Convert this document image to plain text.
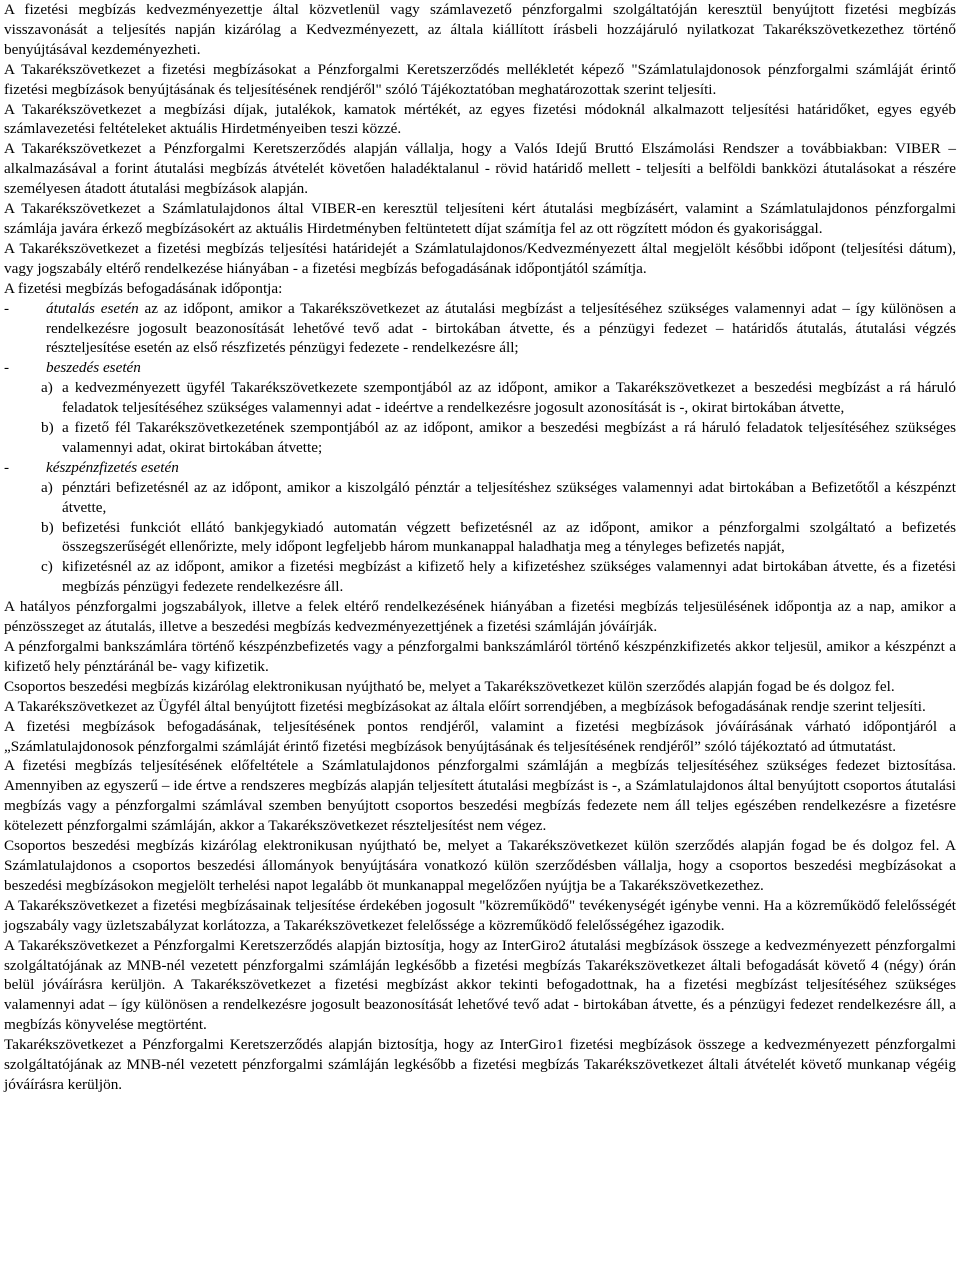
A fizetési megbízás kedvezményezettje által közvetlenül vagy számlavezető pénzforgalmi szolgáltatóján keresztül benyújtott fizetési megbízás visszavonását a teljesítés napján kizárólag a Kedvezményezett, az általa kiállított írásbeli hozzájáruló nyilatkozat Takarékszövetkezethez történő benyújtásával kezdeményezheti.

A Takarékszövetkezet a fizetési megbízásokat a Pénzforgalmi Keretszerződés mellékletét képező "Számlatulajdonosok pénzforgalmi számláját érintő fizetési megbízások benyújtásának és teljesítésének rendjéről" szóló Tájékoztatóban meghatározottak szerint teljesíti.

A Takarékszövetkezet a megbízási díjak, jutalékok, kamatok mértékét, az egyes fizetési módoknál alkalmazott teljesítési határidőket, egyes egyéb számlavezetési feltételeket aktuális Hirdetményeiben teszi közzé.

A Takarékszövetkezet a Pénzforgalmi Keretszerződés alapján vállalja, hogy a Valós Idejű Bruttó Elszámolási Rendszer a továbbiakban: VIBER – alkalmazásával a forint átutalási megbízás átvételét követően haladéktalanul - rövid határidő mellett - teljesíti a belföldi bankközi átutalásokat a részére személyesen átadott átutalási megbízások alapján.

A Takarékszövetkezet a Számlatulajdonos által VIBER-en keresztül teljesíteni kért átutalási megbízásért, valamint a Számlatulajdonos pénzforgalmi számlája javára érkező megbízásokért az aktuális Hirdetményben feltüntetett díjat számítja fel az ott rögzített módon és gyakorisággal.

A Takarékszövetkezet a fizetési megbízás teljesítési határidejét a Számlatulajdonos/Kedvezményezett által megjelölt későbbi időpont (teljesítési dátum), vagy jogszabály eltérő rendelkezése hiányában - a fizetési megbízás befogadásának időpontjától számítja.

A fizetési megbízás befogadásának időpontja:

-	átutalás esetén az az időpont, amikor a Takarékszövetkezet az átutalási megbízást a teljesítéséhez szükséges valamennyi adat – így különösen a rendelkezésre jogosult beazonosítását lehetővé tevő adat - birtokában átvette, és a pénzügyi fedezet – határidős átutalás, átutalási végzés részteljesítése esetén az első részfizetés pénzügyi fedezete - rendelkezésre áll;
-	beszedés esetén
a) a kedvezményezett ügyfél Takarékszövetkezete szempontjából az az időpont, amikor a Takarékszövetkezet a beszedési megbízást a rá háruló feladatok teljesítéséhez szükséges valamennyi adat - ideértve a rendelkezésre jogosult azonosítását is -, okirat birtokában átvette,
b) a fizető fél Takarékszövetkezetének szempontjából az az időpont, amikor a beszedési megbízást a rá háruló feladatok teljesítéséhez szükséges valamennyi adat, okirat birtokában átvette;
-	készpénzfizetés esetén
a) pénztári befizetésnél az az időpont, amikor a kiszolgáló pénztár a teljesítéshez szükséges valamennyi adat birtokában a Befizetőtől a készpénzt átvette,
b) befizetési funkciót ellátó bankjegykiadó automatán végzett befizetésnél az az időpont, amikor a pénzforgalmi szolgáltató a befizetés összegszerűségét ellenőrizte, mely időpont legfeljebb három munkanappal haladhatja meg a tényleges befizetés napját,
c) kifizetésnél az az időpont, amikor a fizetési megbízást a kifizető hely a kifizetéshez szükséges valamennyi adat birtokában átvette, és a fizetési megbízás pénzügyi fedezete rendelkezésre áll.

A hatályos pénzforgalmi jogszabályok, illetve a felek eltérő rendelkezésének hiányában a fizetési megbízás teljesülésének időpontja az a nap, amikor a pénzösszeget az átutalás, illetve a beszedési megbízás kedvezményezettjének a fizetési számláján jóváírják.

A pénzforgalmi bankszámlára történő készpénzbefizetés vagy a pénzforgalmi bankszámláról történő készpénzkifizetés akkor teljesül, amikor a készpénzt a kifizető hely pénztáránál be- vagy kifizetik.

Csoportos beszedési megbízás kizárólag elektronikusan nyújtható be, melyet a Takarékszövetkezet külön szerződés alapján fogad be és dolgoz fel.

A Takarékszövetkezet az Ügyfél által benyújtott fizetési megbízásokat az általa előírt sorrendjében, a megbízások befogadásának rendje szerint teljesíti.

A fizetési megbízások befogadásának, teljesítésének pontos rendjéről, valamint a fizetési megbízások jóváírásának várható időpontjáról a „Számlatulajdonosok pénzforgalmi számláját érintő fizetési megbízások benyújtásának és teljesítésének rendjéről” szóló tájékoztató ad útmutatást.

A fizetési megbízás teljesítésének előfeltétele a Számlatulajdonos pénzforgalmi számláján a megbízás teljesítéséhez szükséges fedezet biztosítása. Amennyiben az egyszerű – ide értve a rendszeres megbízás alapján teljesített átutalási megbízást is -, a Számlatulajdonos által benyújtott csoportos átutalási megbízás vagy a pénzforgalmi számlával szemben benyújtott csoportos beszedési megbízás fedezete nem áll teljes egészében rendelkezésre a fizetésre kötelezett pénzforgalmi számláján, akkor a Takarékszövetkezet részteljesítést nem végez.

Csoportos beszedési megbízás kizárólag elektronikusan nyújtható be, melyet a Takarékszövetkezet külön szerződés alapján fogad be és dolgoz fel. A Számlatulajdonos a csoportos beszedési állományok benyújtására vonatkozó külön szerződésben vállalja, hogy a csoportos beszedési megbízásokat a beszedési megbízásokon megjelölt terhelési napot legalább öt munkanappal megelőzően nyújtja be a Takarékszövetkezethez.

A Takarékszövetkezet a fizetési megbízásainak teljesítése érdekében jogosult "közreműködő" tevékenységét igénybe venni. Ha a közreműködő felelősségét jogszabály vagy üzletszabályzat korlátozza, a Takarékszövetkezet felelőssége a közreműködő felelősségéhez igazodik.

A Takarékszövetkezet a Pénzforgalmi Keretszerződés alapján biztosítja, hogy az InterGiro2 átutalási megbízások összege a kedvezményezett pénzforgalmi szolgáltatójának az MNB-nél vezetett pénzforgalmi számláján legkésőbb a fizetési megbízás Takarékszövetkezet általi befogadását követő 4 (négy) órán belül jóváírásra kerüljön. A Takarékszövetkezet a fizetési megbízást akkor tekinti befogadottnak, ha a fizetési megbízást teljesítéséhez szükséges valamennyi adat – így különösen a rendelkezésre jogosult beazonosítását lehetővé tevő adat - birtokában átvette, és a pénzügyi fedezet rendelkezésre áll, a megbízás könyvelése megtörtént.

Takarékszövetkezet a Pénzforgalmi Keretszerződés alapján biztosítja, hogy az InterGiro1 fizetési megbízások összege a kedvezményezett pénzforgalmi szolgáltatójának az MNB-nél vezetett pénzforgalmi számláján legkésőbb a fizetési megbízás Takarékszövetkezet általi átvételét követő munkanap végéig jóváírásra kerüljön.
